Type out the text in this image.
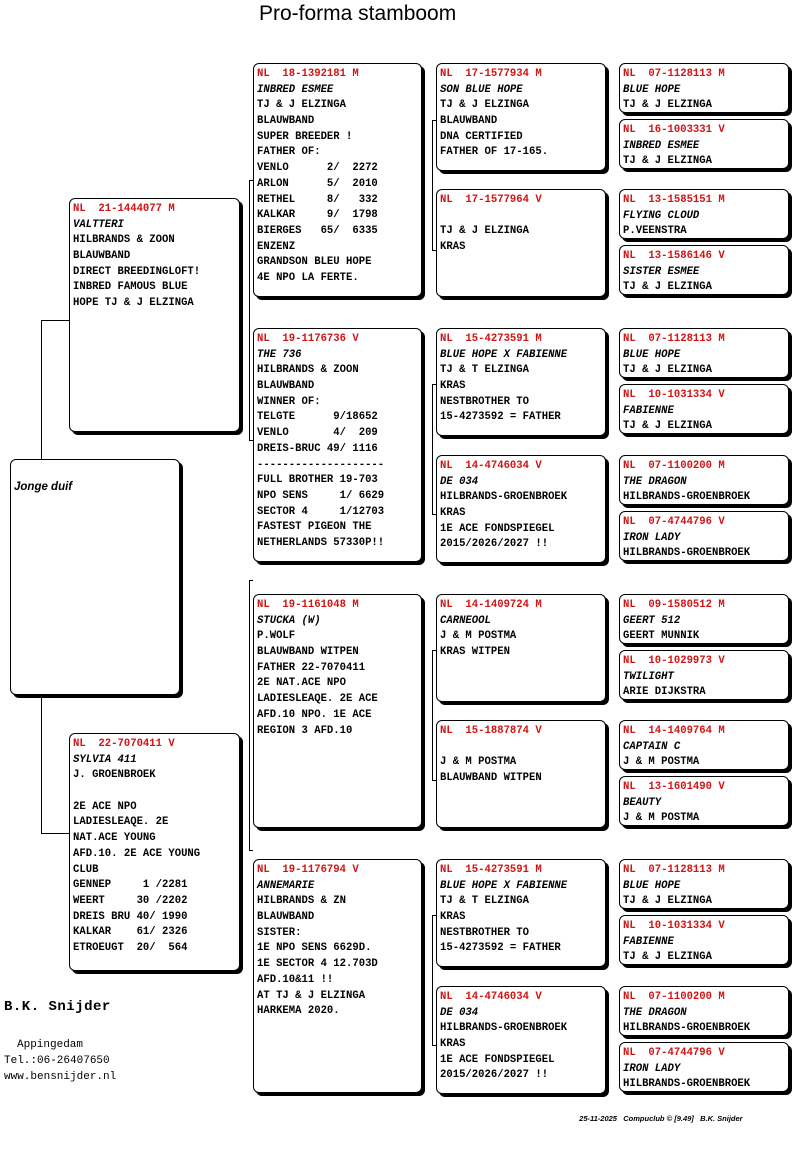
Pro-forma stamboom
Jonge duif
NL  21-1444077 M
VALTTERI
HILBRANDS & ZOON
BLAUWBAND
DIRECT BREEDINGLOFT!
INBRED FAMOUS BLUE
HOPE TJ & J ELZINGA
NL  22-7070411 V
SYLVIA 411
J. GROENBROEK
2E ACE NPO
LADIESLEAQE. 2E
NAT.ACE YOUNG
AFD.10. 2E ACE YOUNG
CLUB
GENNEP     1 /2281
WEERT     30 /2202
DREIS BRU 40/ 1990
KALKAR    61/ 2326
ETROEUGT  20/  564
NL  18-1392181 M
INBRED ESMEE
TJ & J ELZINGA
BLAUWBAND
SUPER BREEDER !
FATHER OF:
VENLO      2/  2272
ARLON      5/  2010
RETHEL     8/   332
KALKAR     9/  1798
BIERGES   65/  6335
ENZENZ
GRANDSON BLEU HOPE
4E NPO LA FERTE.
NL  19-1176736 V
THE 736
HILBRANDS & ZOON
BLAUWBAND
WINNER OF:
TELGTE      9/18652
VENLO       4/  209
DREIS-BRUC 49/ 1116
--------------------
FULL BROTHER 19-703
NPO SENS     1/ 6629
SECTOR 4     1/12703
FASTEST PIGEON THE
NETHERLANDS 57330P!!
NL  19-1161048 M
STUCKA (W)
P.WOLF
BLAUWBAND WITPEN
FATHER 22-7070411
2E NAT.ACE NPO
LADIESLEAQE. 2E ACE
AFD.10 NPO. 1E ACE
REGION 3 AFD.10
NL  19-1176794 V
ANNEMARIE
HILBRANDS & ZN
BLAUWBAND
SISTER:
1E NPO SENS 6629D.
1E SECTOR 4 12.703D
AFD.10&11 !!
AT TJ & J ELZINGA
HARKEMA 2020.
NL  17-1577934 M
SON BLUE HOPE
TJ & J ELZINGA
BLAUWBAND
DNA CERTIFIED
FATHER OF 17-165.
NL  17-1577964 V
TJ & J ELZINGA
KRAS
NL  15-4273591 M
BLUE HOPE X FABIENNE
TJ & T ELZINGA
KRAS
NESTBROTHER TO
15-4273592 = FATHER
NL  14-4746034 V
DE 034
HILBRANDS-GROENBROEK
KRAS
1E ACE FONDSPIEGEL
2015/2026/2027 !!
NL  14-1409724 M
CARNEOOL
J & M POSTMA
KRAS WITPEN
NL  15-1887874 V
J & M POSTMA
BLAUWBAND WITPEN
NL  15-4273591 M
BLUE HOPE X FABIENNE
TJ & T ELZINGA
KRAS
NESTBROTHER TO
15-4273592 = FATHER
NL  14-4746034 V
DE 034
HILBRANDS-GROENBROEK
KRAS
1E ACE FONDSPIEGEL
2015/2026/2027 !!
NL  07-1128113 M
BLUE HOPE
TJ & J ELZINGA
NL  16-1003331 V
INBRED ESMEE
TJ & J ELZINGA
NL  13-1585151 M
FLYING CLOUD
P.VEENSTRA
NL  13-1586146 V
SISTER ESMEE
TJ & J ELZINGA
NL  07-1128113 M
BLUE HOPE
TJ & J ELZINGA
NL  10-1031334 V
FABIENNE
TJ & J ELZINGA
NL  07-1100200 M
THE DRAGON
HILBRANDS-GROENBROEK
NL  07-4744796 V
IRON LADY
HILBRANDS-GROENBROEK
NL  09-1580512 M
GEERT 512
GEERT MUNNIK
NL  10-1029973 V
TWILIGHT
ARIE DIJKSTRA
NL  14-1409764 M
CAPTAIN C
J & M POSTMA
NL  13-1601490 V
BEAUTY
J & M POSTMA
NL  07-1128113 M
BLUE HOPE
TJ & J ELZINGA
NL  10-1031334 V
FABIENNE
TJ & J ELZINGA
NL  07-1100200 M
THE DRAGON
HILBRANDS-GROENBROEK
NL  07-4744796 V
IRON LADY
HILBRANDS-GROENBROEK
B.K. Snijder
Appingedam
Tel.:06-26407650
www.bensnijder.nl

25-11-2025 Compuclub © [9.49] B.K. Snijder
